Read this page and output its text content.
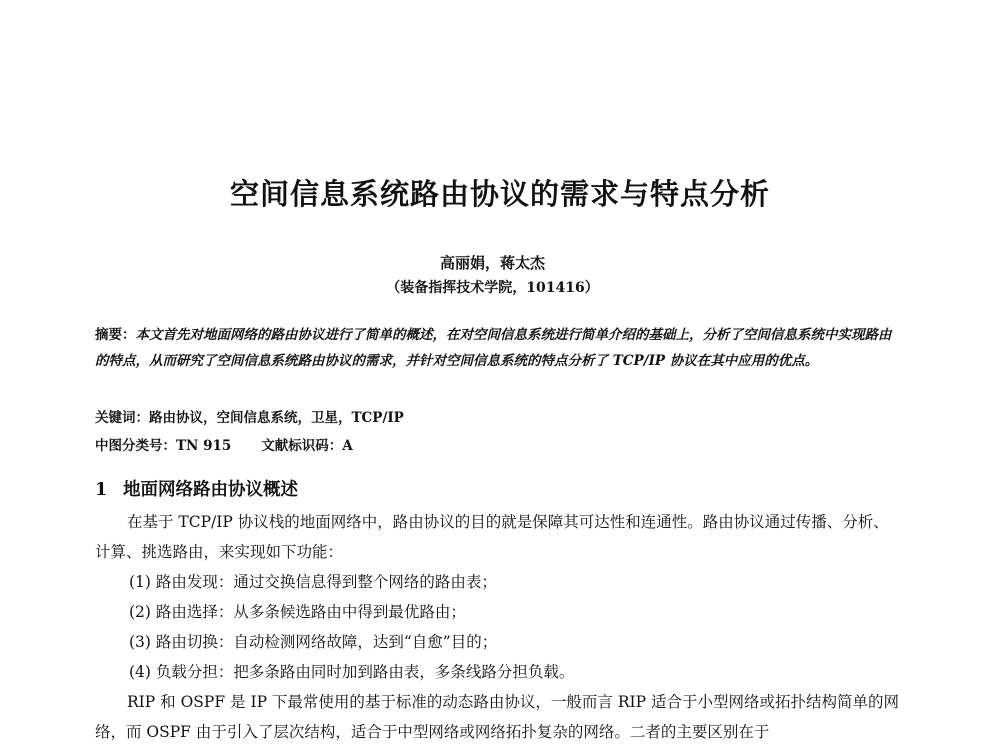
空间信息系统路由协议的需求与特点分析
高丽娟，蒋太杰
（装备指挥技术学院，101416）
摘要：本文首先对地面网络的路由协议进行了简单的概述，在对空间信息系统进行简单介绍的基础上，分析了空间信息系统中实现路由的特点，从而研究了空间信息系统路由协议的需求，并针对空间信息系统的特点分析了 TCP/IP 协议在其中应用的优点。
关键词：路由协议，空间信息系统，卫星，TCP/IP
中图分类号：TN 915 文献标识码：A
1 地面网络路由协议概述

在基于 TCP/IP 协议栈的地面网络中，路由协议的目的就是保障其可达性和连通性。路由协议通过传播、分析、计算、挑选路由，来实现如下功能：

(1) 路由发现：通过交换信息得到整个网络的路由表；

(2) 路由选择：从多条候选路由中得到最优路由；

(3) 路由切换：自动检测网络故障，达到“自愈”目的；

(4) 负载分担：把多条路由同时加到路由表，多条线路分担负载。

RIP 和 OSPF 是 IP 下最常使用的基于标准的动态路由协议，一般而言 RIP 适合于小型网络或拓扑结构简单的网络，而 OSPF 由于引入了层次结构，适合于中型网络或网络拓扑复杂的网络。二者的主要区别在于
